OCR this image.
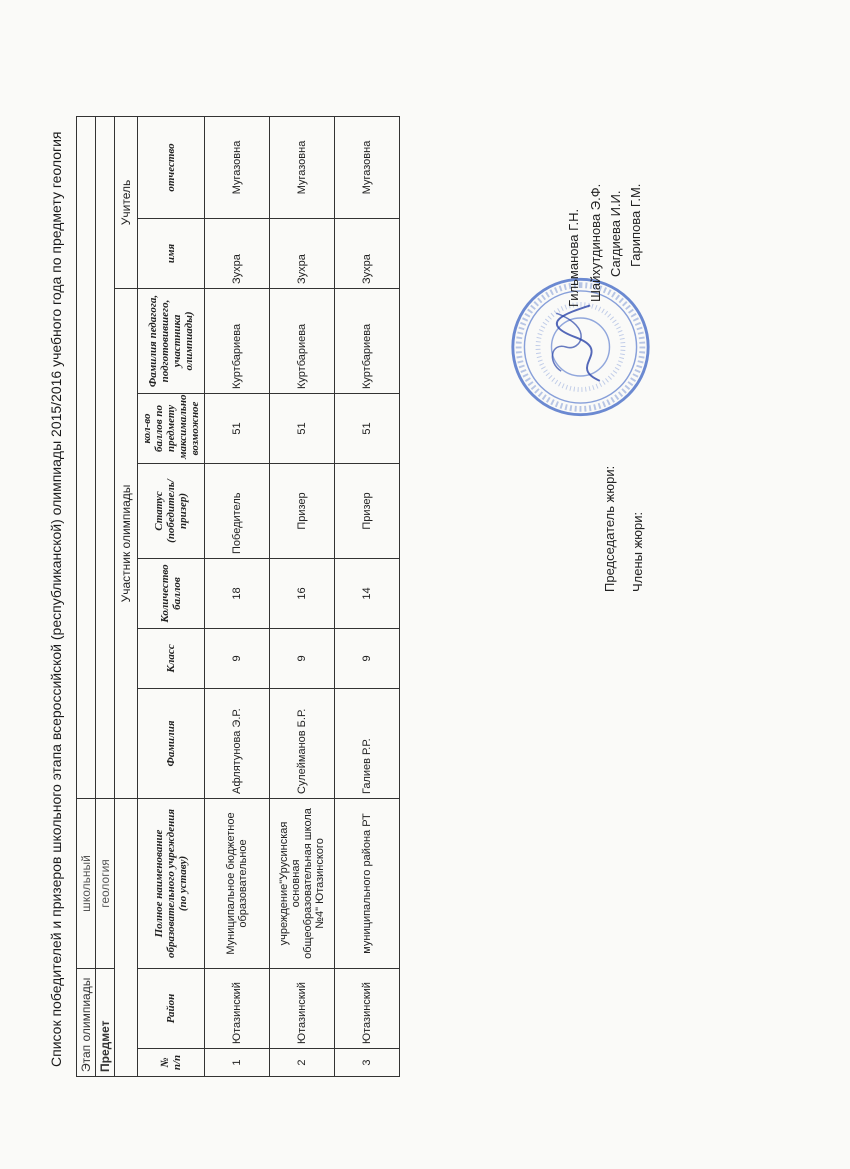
Список победителей и призеров школьного этапа всероссийской (республиканской) олимпиады 2015/2016 учебного года по предмету геология Этап олимпиады		школьный								
Предмет		геология								
			Участник олимпиады						Учитель	
№ п/п	Район	Полное наименование образовательного учреждения (по уставу)	Фамилия	Класс	Количество баллов	Статус (победитель/призер)	кол-во баллов по предмету максимально возможное	Фамилия педагога, подготовившего, участника олимпиады)	имя	отчество
1	Ютазинский	Муниципальное бюджетное образовательное	Афлятунова Э.Р.	9	18	Победитель	51	Куртбариева	Зухра	Мугазовна
2	Ютазинский	учреждение"Урусинская основная общеобразовательная школа №4" Ютазинского	Сулейманов Б.Р.	9	16	Призер	51	Куртбариева	Зухра	Мугазовна
3	Ютазинский	муниципального района РТ	Галиев Р.Р.	9	14	Призер	51	Куртбариева	Зухра	Мугазовна
Председатель жюри: Члены жюри:
Гильманова Г.Н. Шайхутдинова Э.Ф. Сагдиева И.И. Гарипова Г.М.
